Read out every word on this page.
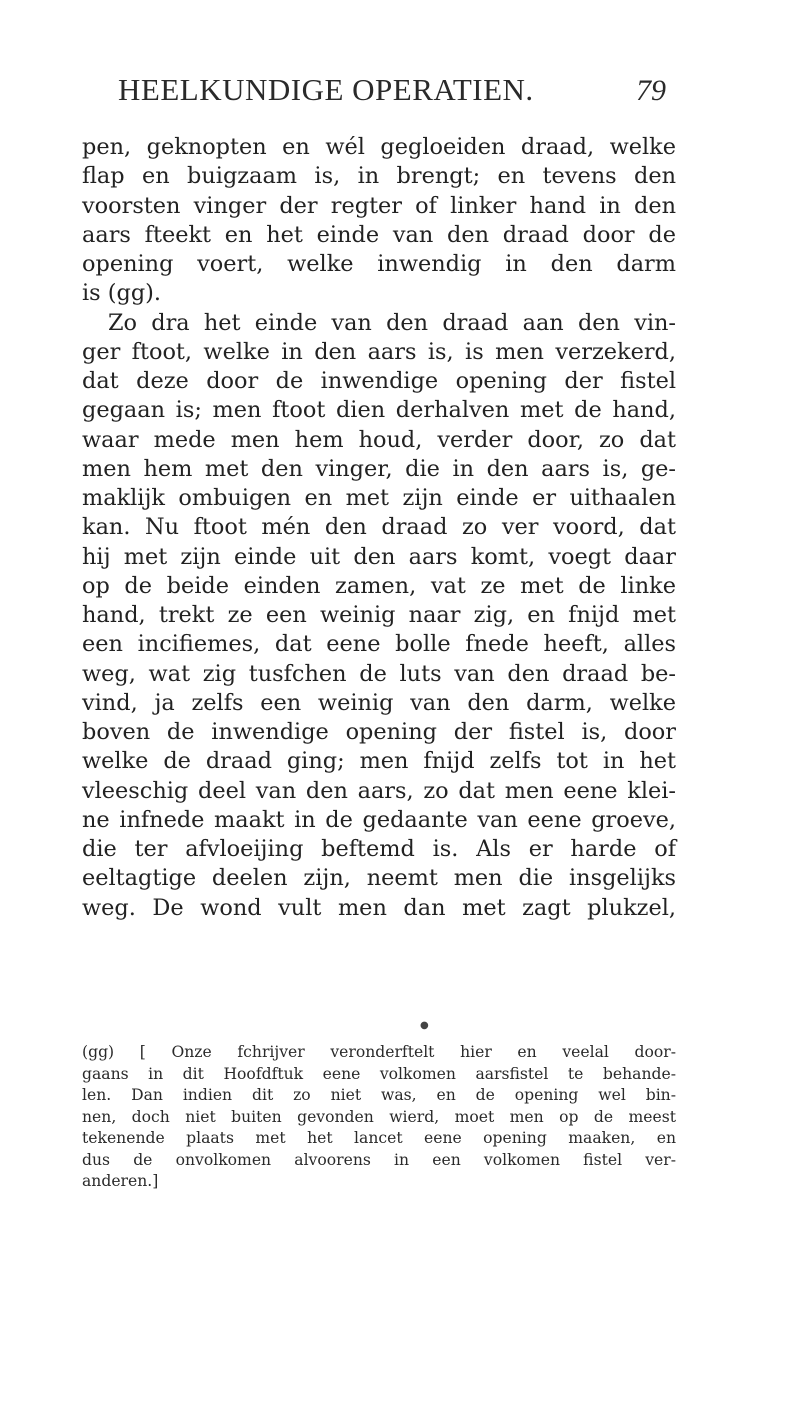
HEELKUNDIGE OPERATIEN.	79
pen, geknopten en wél gegloeiden draad, welke
flap en buigzaam is, in brengt; en tevens den
voorsten vinger der regter of linker hand in den
aars fteekt en het einde van den draad door de
opening voert, welke inwendig in den darm
is (gg).
Zo dra het einde van den draad aan den vin-
ger ftoot, welke in den aars is, is men verzekerd,
dat deze door de inwendige opening der fistel
gegaan is; men ftoot dien derhalven met de hand,
waar mede men hem houd, verder door, zo dat
men hem met den vinger, die in den aars is, ge-
maklijk ombuigen en met zijn einde er uithaalen
kan. Nu ftoot mén den draad zo ver voord, dat
hij met zijn einde uit den aars komt, voegt daar
op de beide einden zamen, vat ze met de linke
hand, trekt ze een weinig naar zig, en fnijd met
een incifiemes, dat eene bolle fnede heeft, alles
weg, wat zig tusfchen de luts van den draad be-
vind, ja zelfs een weinig van den darm, welke
boven de inwendige opening der fistel is, door
welke de draad ging; men fnijd zelfs tot in het
vleeschig deel van den aars, zo dat men eene klei-
ne infnede maakt in de gedaante van eene groeve,
die ter afvloeijing beftemd is. Als er harde of
eeltagtige deelen zijn, neemt men die insgelijks
weg. De wond vult men dan met zagt plukzel,
●
(gg) [ Onze fchrijver veronderftelt hier en veelal door-
gaans in dit Hoofdftuk eene volkomen aarsfistel te behande-
len. Dan indien dit zo niet was, en de opening wel bin-
nen, doch niet buiten gevonden wierd, moet men op de meest
tekenende plaats met het lancet eene opening maaken, en
dus de onvolkomen alvoorens in een volkomen fistel ver-
anderen.]
